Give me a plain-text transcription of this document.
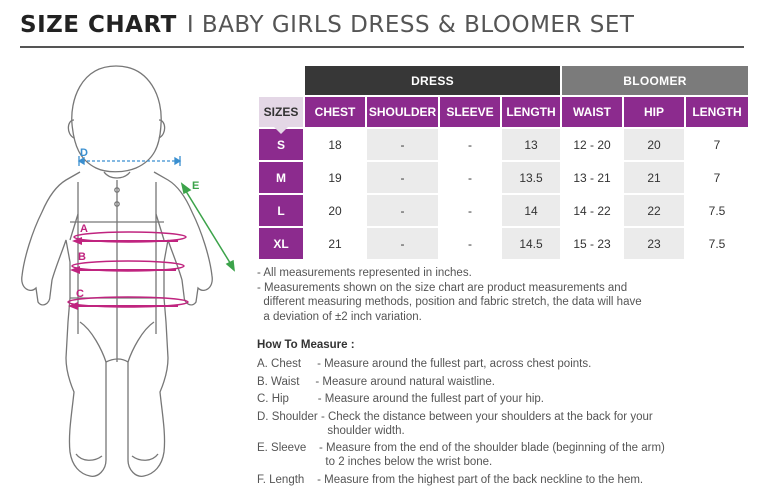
SIZE CHART I BABY GIRLS DRESS & BLOOMER SET
D
E
A
B
C
	DRESS				BLOOMER		
SIZES	CHEST	SHOULDER	SLEEVE	LENGTH	WAIST	HIP	LENGTH
S	18	-	-	13	12 - 20	20	7
M	19	-	-	13.5	13 - 21	21	7
L	20	-	-	14	14 - 22	22	7.5
XL	21	-	-	14.5	15 - 23	23	7.5

- All measurements represented in inches.

- Measurements shown on the size chart are product measurements and

different measuring methods, position and fabric stretch, the data will have

a deviation of ±2 inch variation.

How To Measure :
A. Chest - Measure around the fullest part, across chest points.
B. Waist - Measure around natural waistline.
C. Hip - Measure around the fullest part of your hip.
D. Shoulder - Check the distance between your shoulders at the back for your
shoulder width.
E. Sleeve - Measure from the end of the shoulder blade (beginning of the arm)
to 2 inches below the wrist bone.
F. Length - Measure from the highest part of the back neckline to the hem.
